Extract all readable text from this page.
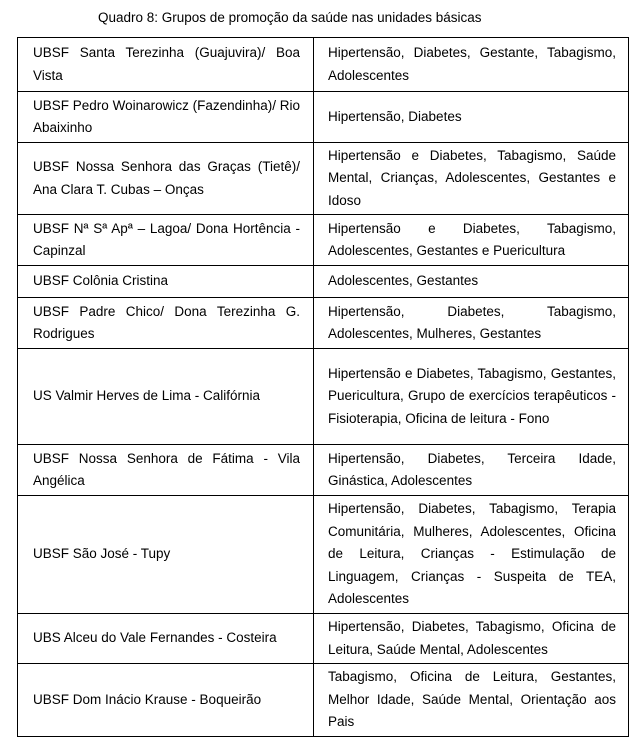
Quadro 8: Grupos de promoção da saúde nas unidades básicas
UBSF Santa Terezinha (Guajuvira)/ Boa Vista	Hipertensão, Diabetes, Gestante, Tabagismo, Adolescentes
UBSF Pedro Woinarowicz (Fazendinha)/ Rio Abaixinho	Hipertensão, Diabetes
UBSF Nossa Senhora das Graças (Tietê)/ Ana Clara T. Cubas – Onças	Hipertensão e Diabetes, Tabagismo, Saúde Mental, Crianças, Adolescentes, Gestantes e Idoso
UBSF Nª Sª Apª – Lagoa/ Dona Hortência - Capinzal	Hipertensão e Diabetes, Tabagismo, Adolescentes, Gestantes e Puericultura
UBSF Colônia Cristina	Adolescentes, Gestantes
UBSF Padre Chico/ Dona Terezinha G. Rodrigues	Hipertensão, Diabetes, Tabagismo, Adolescentes, Mulheres, Gestantes
US Valmir Herves de Lima - Califórnia	Hipertensão e Diabetes, Tabagismo, Gestantes, Puericultura, Grupo de exercícios terapêuticos - Fisioterapia, Oficina de leitura - Fono
UBSF Nossa Senhora de Fátima - Vila Angélica	Hipertensão, Diabetes, Terceira Idade, Ginástica, Adolescentes
UBSF São José - Tupy	Hipertensão, Diabetes, Tabagismo, Terapia Comunitária, Mulheres, Adolescentes, Oficina de Leitura, Crianças - Estimulação de Linguagem, Crianças - Suspeita de TEA, Adolescentes
UBS Alceu do Vale Fernandes - Costeira	Hipertensão, Diabetes, Tabagismo, Oficina de Leitura, Saúde Mental, Adolescentes
UBSF Dom Inácio Krause - Boqueirão	Tabagismo, Oficina de Leitura, Gestantes, Melhor Idade, Saúde Mental, Orientação aos Pais
